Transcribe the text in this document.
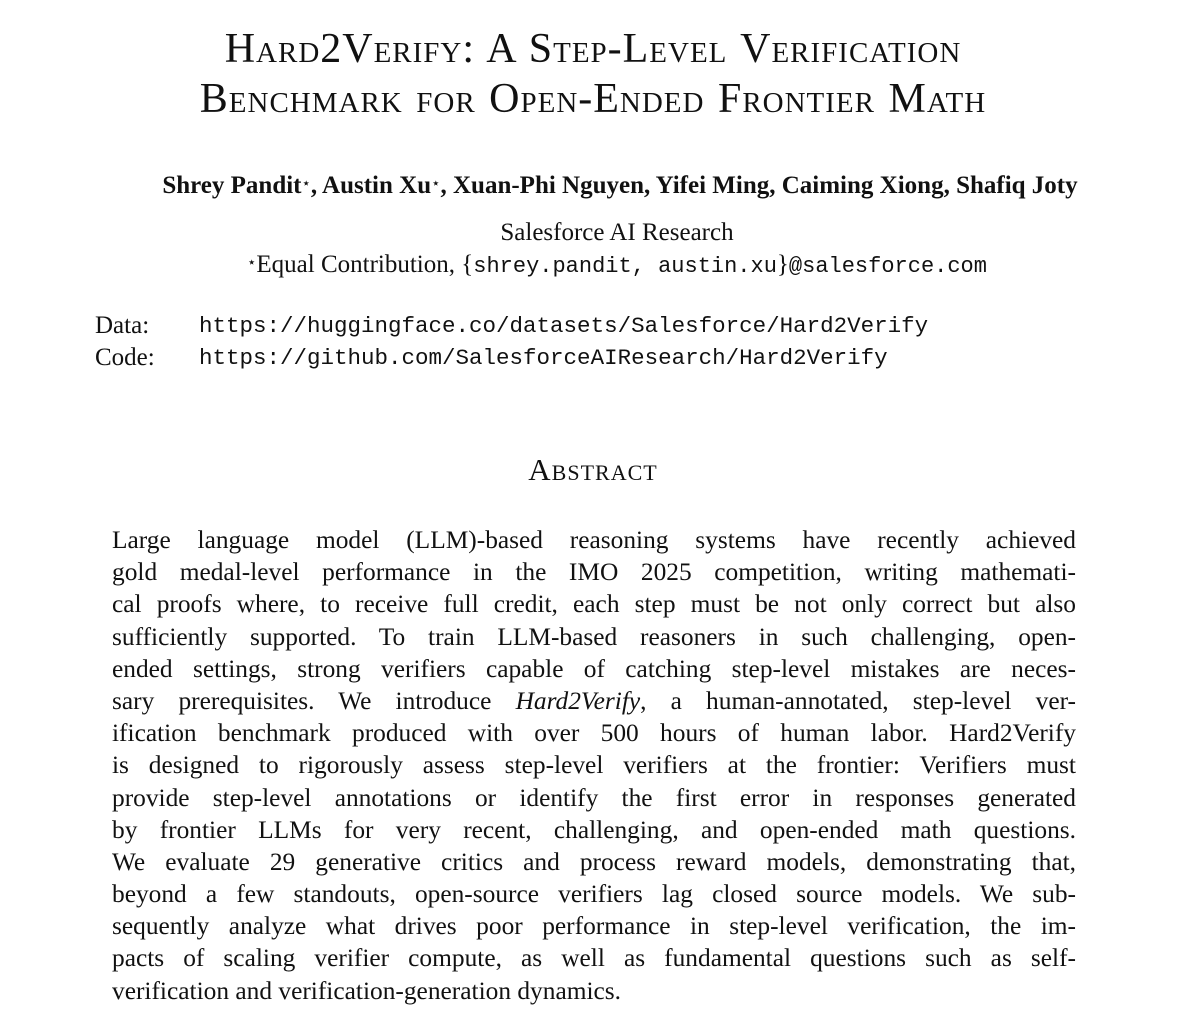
Hard2Verify: A Step-Level Verification
Benchmark for Open-Ended Frontier Math
Shrey Pandit⋆, Austin Xu⋆, Xuan-Phi Nguyen, Yifei Ming, Caiming Xiong, Shafiq Joty
Salesforce AI Research
⋆Equal Contribution, {shrey.pandit, austin.xu}@salesforce.com
Data:	https://huggingface.co/datasets/Salesforce/Hard2Verify
Code:	https://github.com/SalesforceAIResearch/Hard2Verify
Abstract
Large language model (LLM)-based reasoning systems have recently achieved
gold medal-level performance in the IMO 2025 competition, writing mathemati-
cal proofs where, to receive full credit, each step must be not only correct but also
sufficiently supported. To train LLM-based reasoners in such challenging, open-
ended settings, strong verifiers capable of catching step-level mistakes are neces-
sary prerequisites. We introduce Hard2Verify, a human-annotated, step-level ver-
ification benchmark produced with over 500 hours of human labor. Hard2Verify
is designed to rigorously assess step-level verifiers at the frontier: Verifiers must
provide step-level annotations or identify the first error in responses generated
by frontier LLMs for very recent, challenging, and open-ended math questions.
We evaluate 29 generative critics and process reward models, demonstrating that,
beyond a few standouts, open-source verifiers lag closed source models. We sub-
sequently analyze what drives poor performance in step-level verification, the im-
pacts of scaling verifier compute, as well as fundamental questions such as self-
verification and verification-generation dynamics.
